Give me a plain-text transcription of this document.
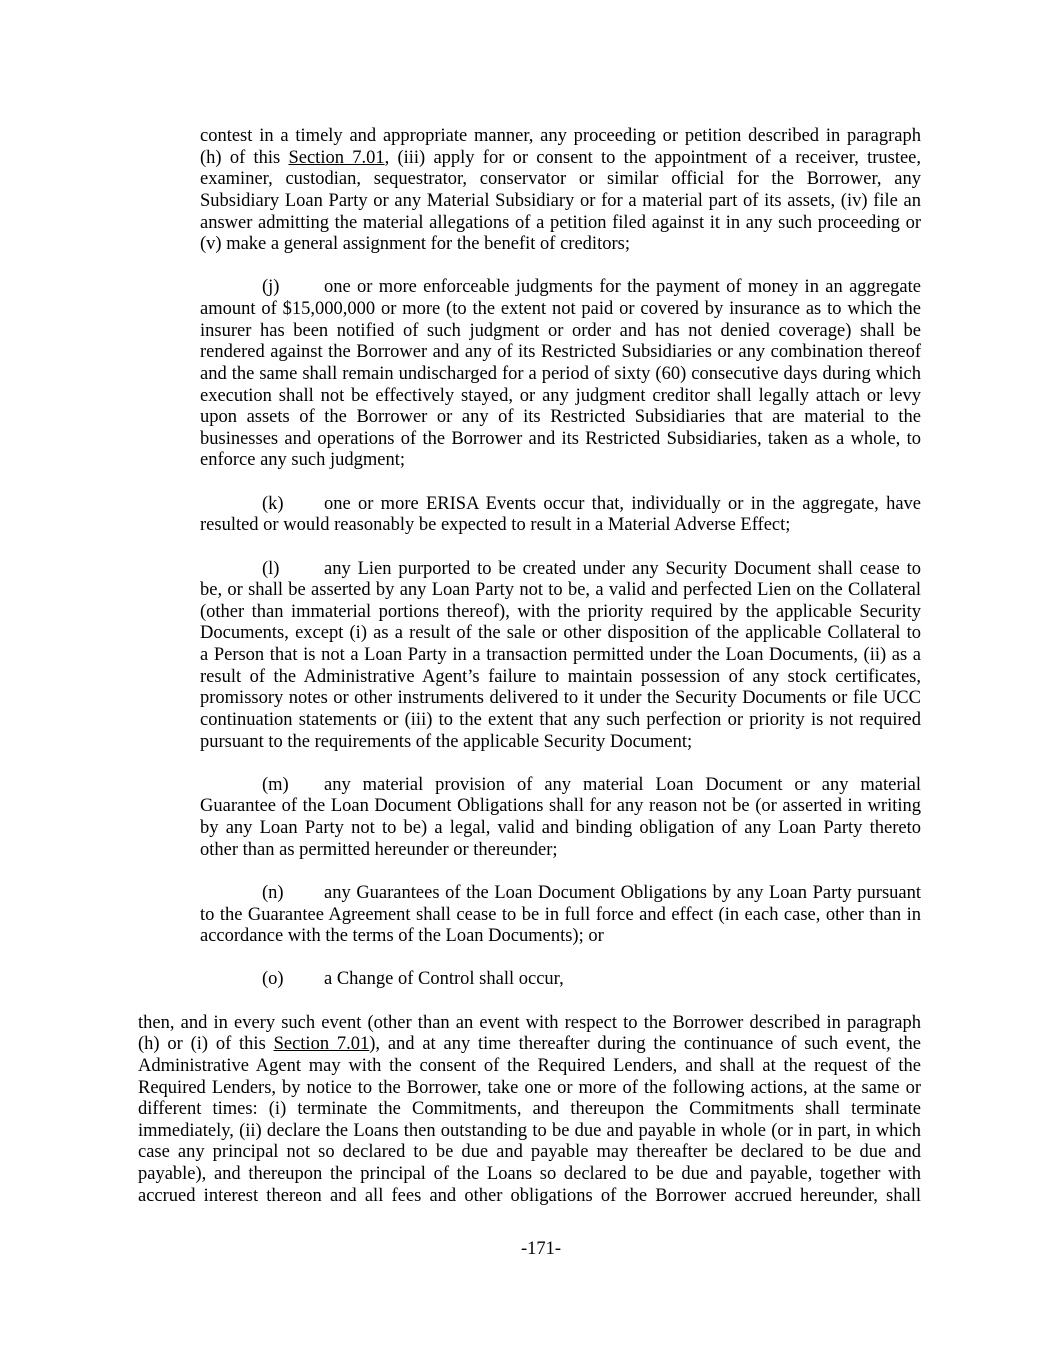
contest in a timely and appropriate manner, any proceeding or petition described in paragraph
(h) of this Section 7.01, (iii) apply for or consent to the appointment of a receiver, trustee,
examiner, custodian, sequestrator, conservator or similar official for the Borrower, any
Subsidiary Loan Party or any Material Subsidiary or for a material part of its assets, (iv) file an
answer admitting the material allegations of a petition filed against it in any such proceeding or
(v) make a general assignment for the benefit of creditors;
(j) one or more enforceable judgments for the payment of money in an aggregate
amount of $15,000,000 or more (to the extent not paid or covered by insurance as to which the
insurer has been notified of such judgment or order and has not denied coverage) shall be
rendered against the Borrower and any of its Restricted Subsidiaries or any combination thereof
and the same shall remain undischarged for a period of sixty (60) consecutive days during which
execution shall not be effectively stayed, or any judgment creditor shall legally attach or levy
upon assets of the Borrower or any of its Restricted Subsidiaries that are material to the
businesses and operations of the Borrower and its Restricted Subsidiaries, taken as a whole, to
enforce any such judgment;
(k) one or more ERISA Events occur that, individually or in the aggregate, have
resulted or would reasonably be expected to result in a Material Adverse Effect;
(l) any Lien purported to be created under any Security Document shall cease to
be, or shall be asserted by any Loan Party not to be, a valid and perfected Lien on the Collateral
(other than immaterial portions thereof), with the priority required by the applicable Security
Documents, except (i) as a result of the sale or other disposition of the applicable Collateral to
a Person that is not a Loan Party in a transaction permitted under the Loan Documents, (ii) as a
result of the Administrative Agent’s failure to maintain possession of any stock certificates,
promissory notes or other instruments delivered to it under the Security Documents or file UCC
continuation statements or (iii) to the extent that any such perfection or priority is not required
pursuant to the requirements of the applicable Security Document;
(m) any material provision of any material Loan Document or any material
Guarantee of the Loan Document Obligations shall for any reason not be (or asserted in writing
by any Loan Party not to be) a legal, valid and binding obligation of any Loan Party thereto
other than as permitted hereunder or thereunder;
(n) any Guarantees of the Loan Document Obligations by any Loan Party pursuant
to the Guarantee Agreement shall cease to be in full force and effect (in each case, other than in
accordance with the terms of the Loan Documents); or
(o) a Change of Control shall occur,
then, and in every such event (other than an event with respect to the Borrower described in paragraph
(h) or (i) of this Section 7.01), and at any time thereafter during the continuance of such event, the
Administrative Agent may with the consent of the Required Lenders, and shall at the request of the
Required Lenders, by notice to the Borrower, take one or more of the following actions, at the same or
different times: (i) terminate the Commitments, and thereupon the Commitments shall terminate
immediately, (ii) declare the Loans then outstanding to be due and payable in whole (or in part, in which
case any principal not so declared to be due and payable may thereafter be declared to be due and
payable), and thereupon the principal of the Loans so declared to be due and payable, together with
accrued interest thereon and all fees and other obligations of the Borrower accrued hereunder, shall
-171-
